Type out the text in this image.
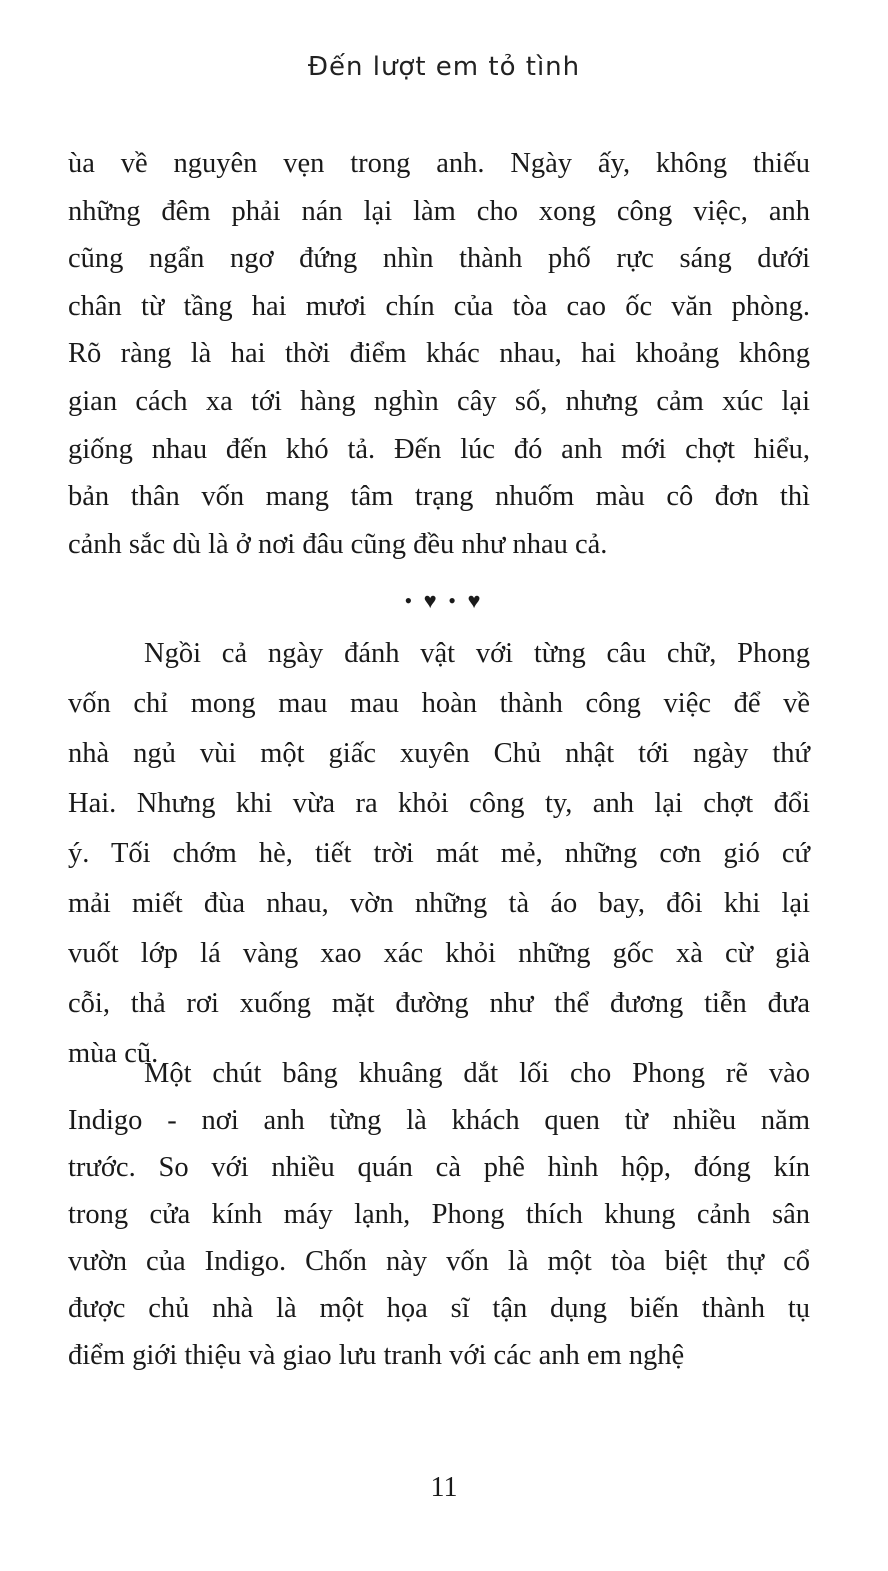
Đến lượt em tỏ tình
ùa về nguyên vẹn trong anh. Ngày ấy, không thiếu
những đêm phải nán lại làm cho xong công việc, anh
cũng ngẩn ngơ đứng nhìn thành phố rực sáng dưới
chân từ tầng hai mươi chín của tòa cao ốc văn phòng.
Rõ ràng là hai thời điểm khác nhau, hai khoảng không
gian cách xa tới hàng nghìn cây số, nhưng cảm xúc lại
giống nhau đến khó tả. Đến lúc đó anh mới chợt hiểu,
bản thân vốn mang tâm trạng nhuốm màu cô đơn thì
cảnh sắc dù là ở nơi đâu cũng đều như nhau cả.
• ♥ • ♥
Ngồi cả ngày đánh vật với từng câu chữ, Phong
vốn chỉ mong mau mau hoàn thành công việc để về
nhà ngủ vùi một giấc xuyên Chủ nhật tới ngày thứ
Hai. Nhưng khi vừa ra khỏi công ty, anh lại chợt đổi
ý. Tối chớm hè, tiết trời mát mẻ, những cơn gió cứ
mải miết đùa nhau, vờn những tà áo bay, đôi khi lại
vuốt lớp lá vàng xao xác khỏi những gốc xà cừ già
cỗi, thả rơi xuống mặt đường như thể đương tiễn đưa
mùa cũ.
Một chút bâng khuâng dắt lối cho Phong rẽ vào
Indigo - nơi anh từng là khách quen từ nhiều năm
trước. So với nhiều quán cà phê hình hộp, đóng kín
trong cửa kính máy lạnh, Phong thích khung cảnh sân
vườn của Indigo. Chốn này vốn là một tòa biệt thự cổ
được chủ nhà là một họa sĩ tận dụng biến thành tụ
điểm giới thiệu và giao lưu tranh với các anh em nghệ
11
